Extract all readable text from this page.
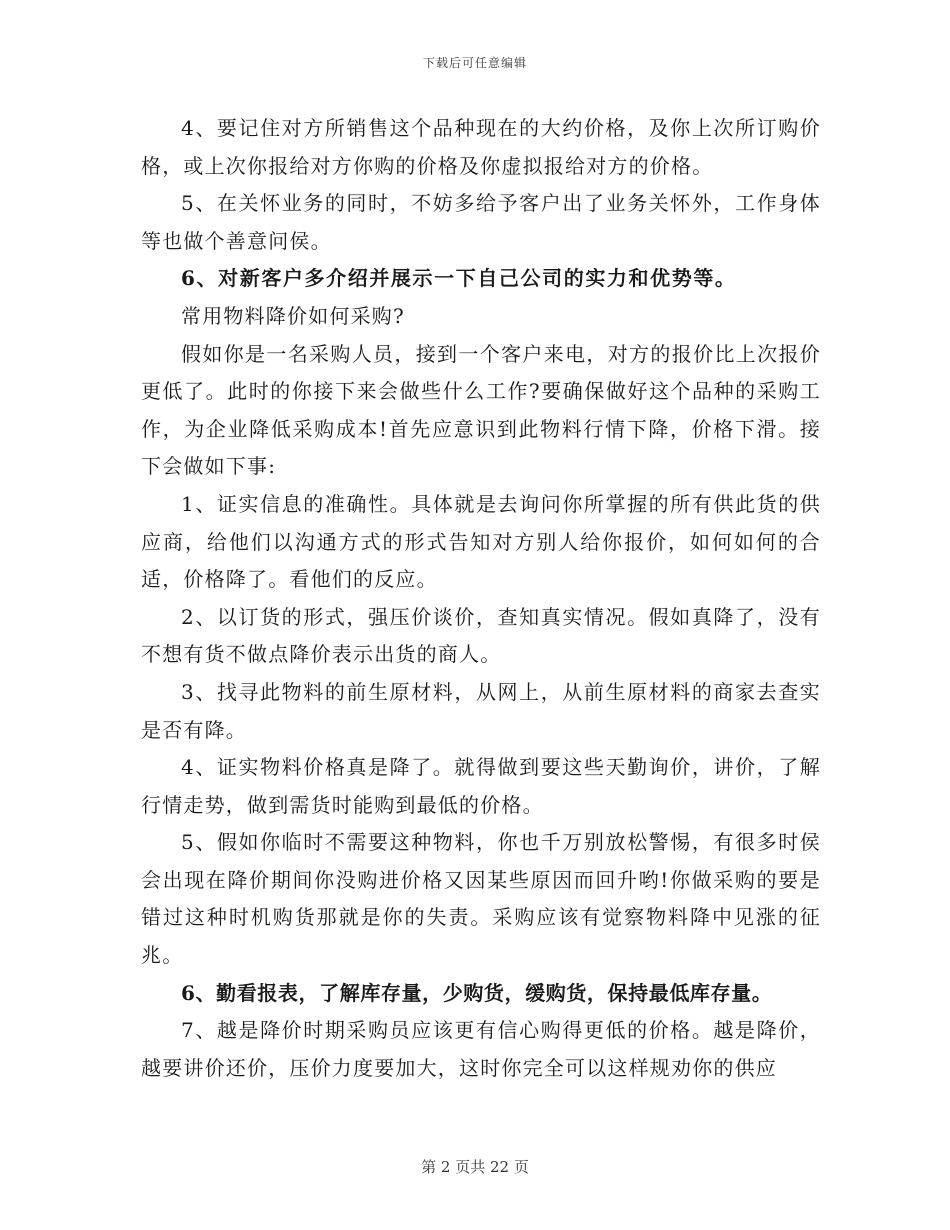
下载后可任意编辑

4、要记住对方所销售这个品种现在的大约价格，及你上次所订购价格，或上次你报给对方你购的价格及你虚拟报给对方的价格。

5、在关怀业务的同时，不妨多给予客户出了业务关怀外，工作身体等也做个善意问侯。

6、对新客户多介绍并展示一下自己公司的实力和优势等。

常用物料降价如何采购?

假如你是一名采购人员，接到一个客户来电，对方的报价比上次报价更低了。此时的你接下来会做些什么工作?要确保做好这个品种的采购工作，为企业降低采购成本!首先应意识到此物料行情下降，价格下滑。接下会做如下事:

1、证实信息的准确性。具体就是去询问你所掌握的所有供此货的供应商，给他们以沟通方式的形式告知对方别人给你报价，如何如何的合适，价格降了。看他们的反应。

2、以订货的形式，强压价谈价，查知真实情况。假如真降了，没有不想有货不做点降价表示出货的商人。

3、找寻此物料的前生原材料，从网上，从前生原材料的商家去查实是否有降。

4、证实物料价格真是降了。就得做到要这些天勤询价，讲价，了解行情走势，做到需货时能购到最低的价格。

5、假如你临时不需要这种物料，你也千万别放松警惕，有很多时侯会出现在降价期间你没购进价格又因某些原因而回升哟!你做采购的要是错过这种时机购货那就是你的失责。采购应该有觉察物料降中见涨的征兆。

6、勤看报表，了解库存量，少购货，缓购货，保持最低库存量。

7、越是降价时期采购员应该更有信心购得更低的价格。越是降价，越要讲价还价，压价力度要加大，这时你完全可以这样规劝你的供应

第 2 页共 22 页
